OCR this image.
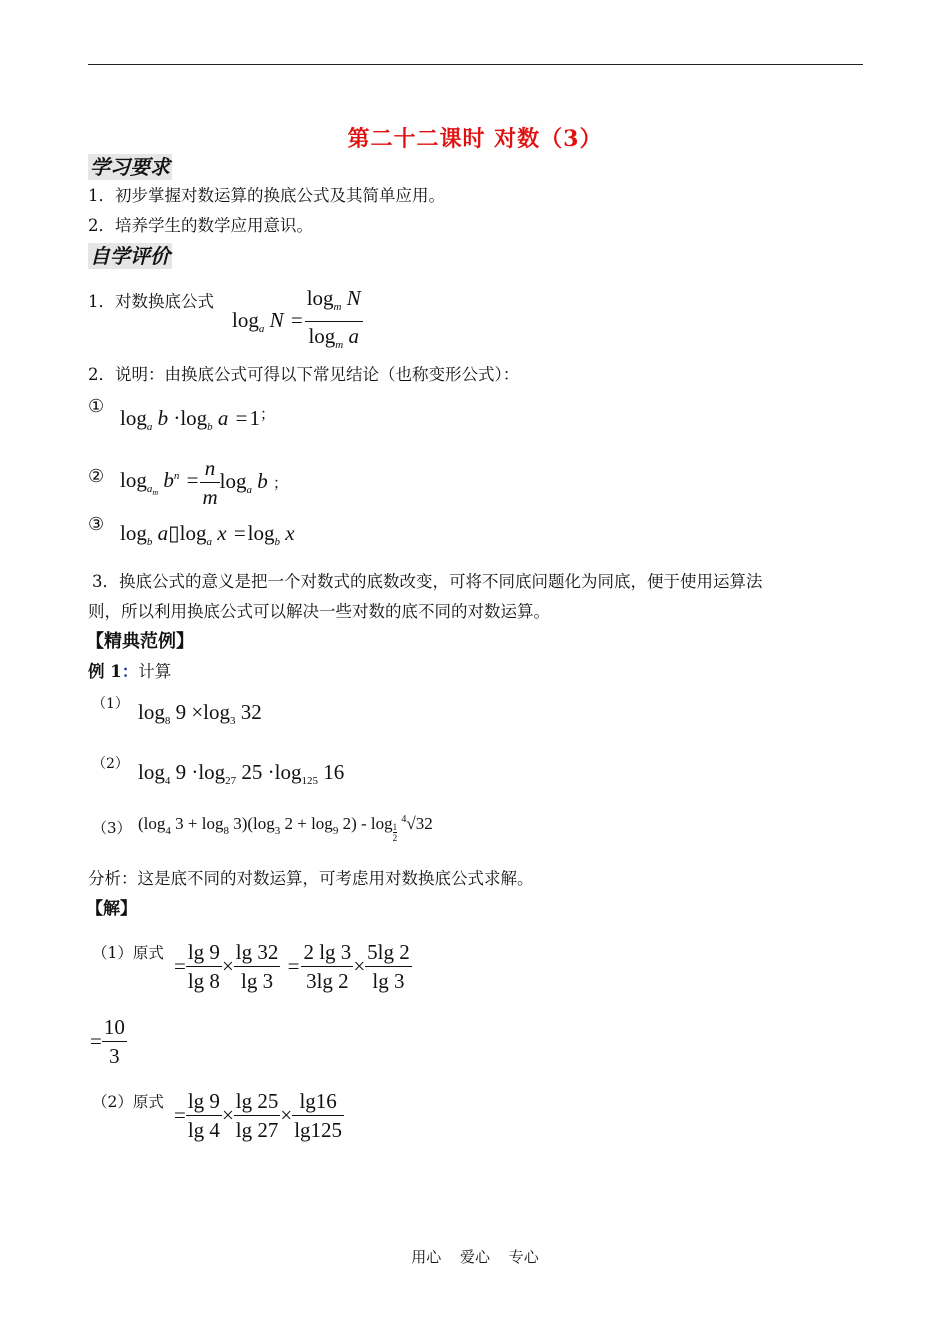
第二十二课时 对数（3）
学习要求
1．初步掌握对数运算的换底公式及其简单应用。
2．培养学生的数学应用意识。
自学评价
1．对数换底公式
$\log_a N = \frac{\log_m N}{\log_m a}$
2．说明：由换底公式可得以下常见结论（也称变形公式）：
① $\log_a b \cdot\log_b$ a =1；
② $\log_{a_m} b^n = \frac{n}{m} \log_a b$ ；
③ $\log_b$ $a▯\log_a$ $x =\log_b$ x
3．换底公式的意义是把一个对数式的底数改变，可将不同底问题化为同底，便于使用运算法
则，所以利用换底公式可以解决一些对数的底不同的对数运算。
【精典范例】
例 1：计算
（1） $\log_8 9 \times\log_3$ 32
（2） $\log_4 9 \cdot\log_{27}$ $25 \cdot\log_{125}$ 16
（3） ($\log_4$ $3 + \log_8 3)(\log_3$ $2 + \log_9 2) - \log \frac{1}{2}$
$^4$√32
分析：这是底不同的对数运算，可考虑用对数换底公式求解。
【解】
（1）原式
= $\frac{\lg 9}{\lg 8} \times \frac{\lg 32}{\lg 3} = \frac{2 \lg 3}{3\lg 2} \times \frac{5\lg 2}{\lg 3}$
= $\frac{10}{3}$
（2）原式
= $\frac{\lg 9}{\lg 4} \times \frac{\lg 25}{\lg 27} \times \frac{\lg 16}{\lg 125}$
用心 爱心 专心
